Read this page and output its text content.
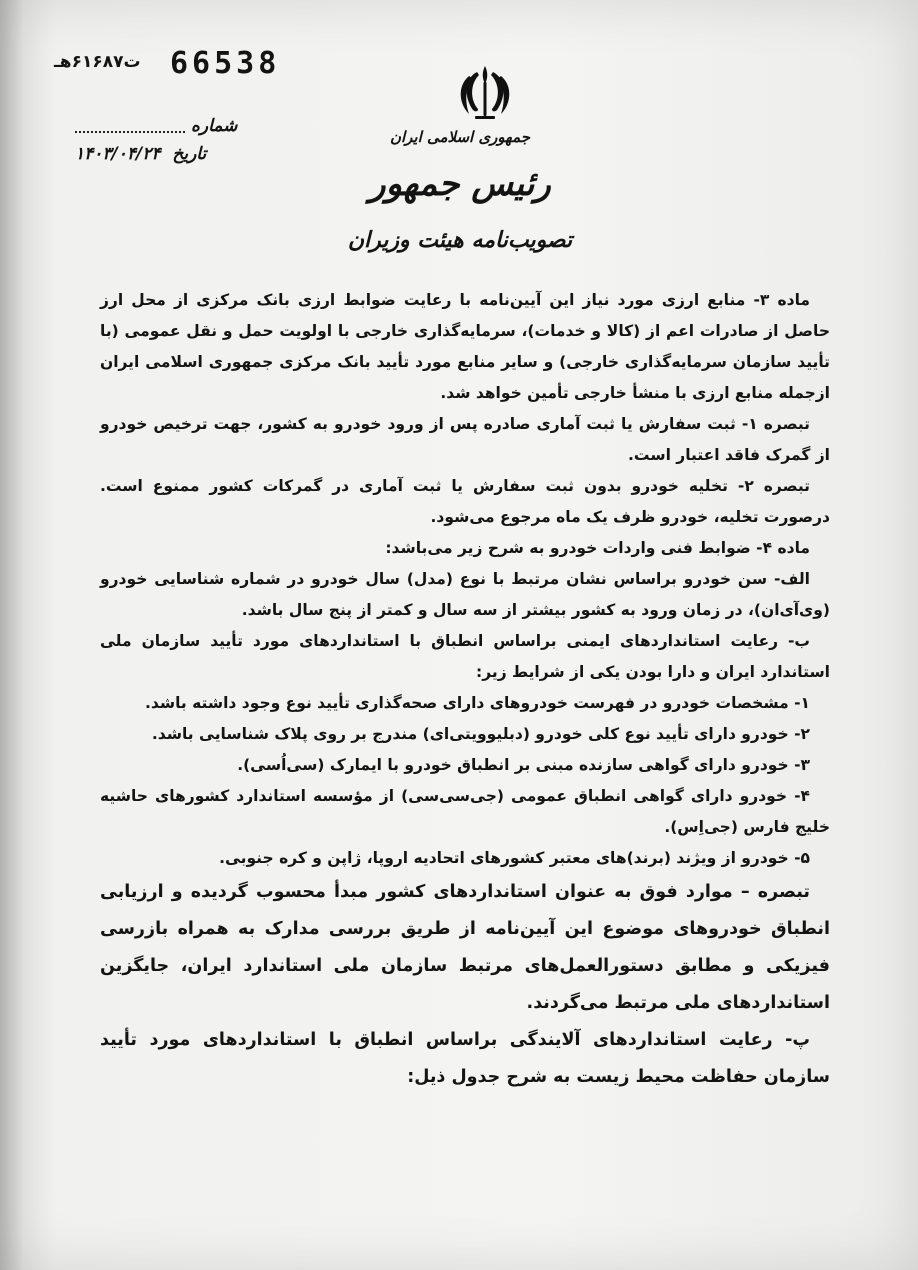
66538
ت۶۱۶۸۷هـ
شماره
تاریخ ۱۴۰۳/۰۴/۲۴
جمهوری اسلامی ایران
رئیس جمهور
تصویب‌نامه هیئت وزیران

ماده ۳- منابع ارزی مورد نیاز این آیین‌نامه با رعایت ضوابط ارزی بانک مرکزی از محل ارز حاصل از صادرات اعم از (کالا و خدمات)، سرمایه‌گذاری خارجی با اولویت حمل و نقل عمومی (با تأیید سازمان سرمایه‌گذاری خارجی) و سایر منابع مورد تأیید بانک مرکزی جمهوری اسلامی ایران ازجمله منابع ارزی با منشأ خارجی تأمین خواهد شد.

تبصره ۱- ثبت سفارش یا ثبت آماری صادره پس از ورود خودرو به کشور، جهت ترخیص خودرو از گمرک فاقد اعتبار است.

تبصره ۲- تخلیه خودرو بدون ثبت سفارش یا ثبت آماری در گمرکات کشور ممنوع است. درصورت تخلیه، خودرو ظرف یک ماه مرجوع می‌شود.

ماده ۴- ضوابط فنی واردات خودرو به شرح زیر می‌باشد:

الف- سن خودرو براساس نشان مرتبط با نوع (مدل) سال خودرو در شماره شناسایی خودرو (وی‌آی‌ان)، در زمان ورود به کشور بیشتر از سه سال و کمتر از پنج سال باشد.

ب- رعایت استانداردهای ایمنی براساس انطباق با استانداردهای مورد تأیید سازمان ملی استاندارد ایران و دارا بودن یکی از شرایط زیر:

۱- مشخصات خودرو در فهرست خودروهای دارای صحه‌گذاری تأیید نوع وجود داشته باشد.

۲- خودرو دارای تأیید نوع کلی خودرو (دبلیوویتی‌ای) مندرج بر روی پلاک شناسایی باشد.

۳- خودرو دارای گواهی سازنده مبنی بر انطباق خودرو با ایمارک (سی‌اُسی).

۴- خودرو دارای گواهی انطباق عمومی (جی‌سی‌سی) از مؤسسه استاندارد کشورهای حاشیه خلیج فارس (جی‌اِس).

۵- خودرو از ویژند (برند)های معتبر کشورهای اتحادیه اروپا، ژاپن و کره جنوبی.

تبصره – موارد فوق به عنوان استانداردهای کشور مبدأ محسوب گردیده و ارزیابی انطباق خودروهای موضوع این آیین‌نامه از طریق بررسی مدارک به همراه بازرسی فیزیکی و مطابق دستورالعمل‌های مرتبط سازمان ملی استاندارد ایران، جایگزین استانداردهای ملی مرتبط می‌گردند.

پ- رعایت استانداردهای آلایندگی براساس انطباق با استانداردهای مورد تأیید سازمان حفاظت محیط زیست به شرح جدول ذیل:
